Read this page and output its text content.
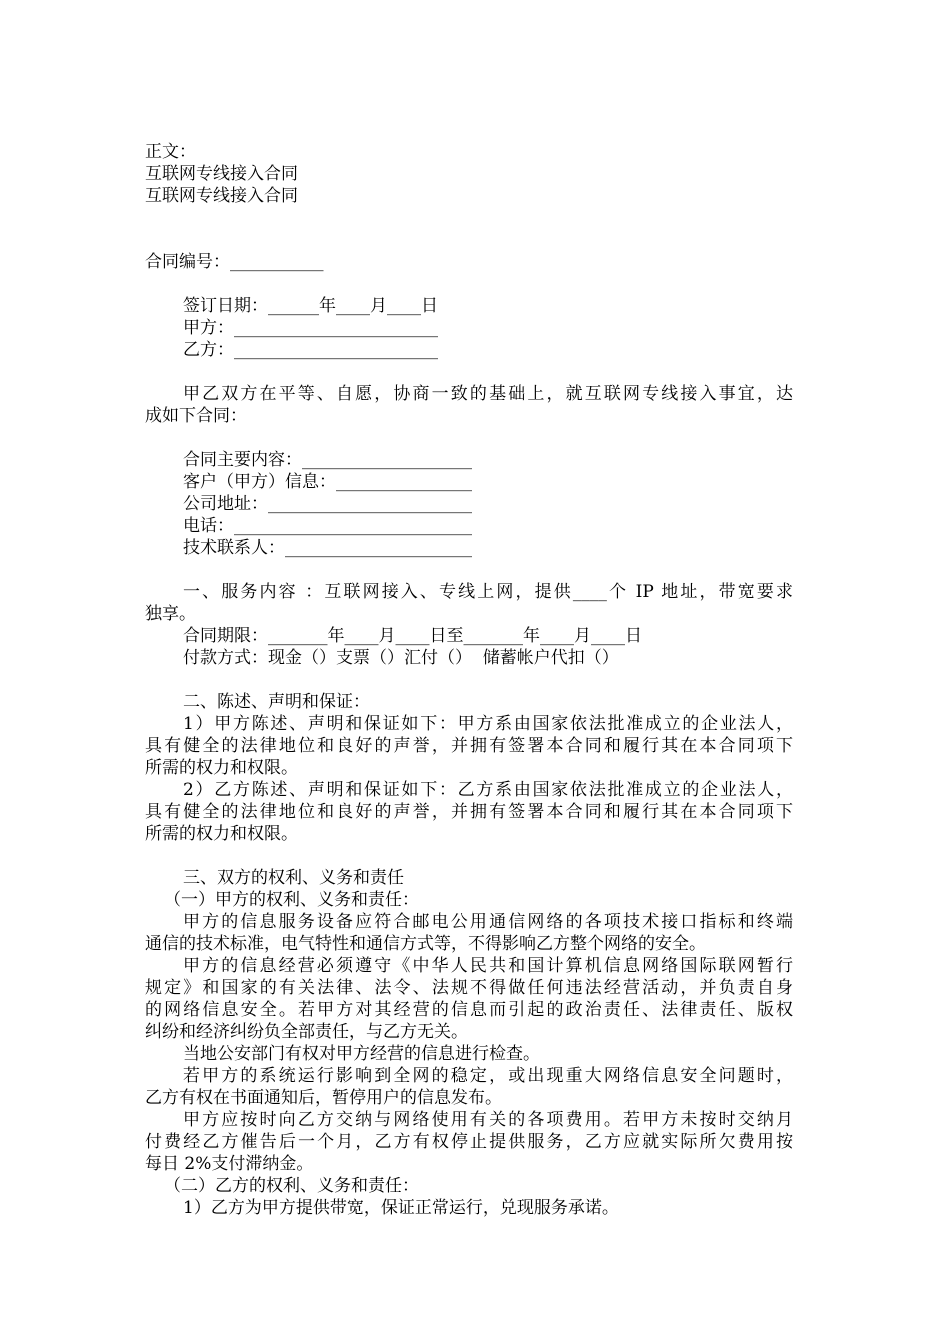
正文：
互联网专线接入合同
互联网专线接入合同
合同编号：___________
签订日期：______年____月____日
甲方：________________________
乙方：________________________
甲乙双方在平等、自愿，协商一致的基础上，就互联网专线接入事宜，达
成如下合同：
合同主要内容：____________________
客户（甲方）信息：________________
公司地址：________________________
电话：____________________________
技术联系人：______________________
一、服务内容 ：互联网接入、专线上网，提供____个 IP 地址，带宽要求
独享。
合同期限：_______年____月____日至_______年____月____日
付款方式：现金（）支票（）汇付（）  储蓄帐户代扣（）
二、陈述、声明和保证：
1）甲方陈述、声明和保证如下：甲方系由国家依法批准成立的企业法人，
具有健全的法律地位和良好的声誉，并拥有签署本合同和履行其在本合同项下
所需的权力和权限。
2）乙方陈述、声明和保证如下：乙方系由国家依法批准成立的企业法人，
具有健全的法律地位和良好的声誉，并拥有签署本合同和履行其在本合同项下
所需的权力和权限。
三、双方的权利、义务和责任
（一）甲方的权利、义务和责任：
甲方的信息服务设备应符合邮电公用通信网络的各项技术接口指标和终端
通信的技术标准，电气特性和通信方式等，不得影响乙方整个网络的安全。
甲方的信息经营必须遵守《中华人民共和国计算机信息网络国际联网暂行
规定》和国家的有关法律、法令、法规不得做任何违法经营活动，并负责自身
的网络信息安全。若甲方对其经营的信息而引起的政治责任、法律责任、版权
纠纷和经济纠纷负全部责任，与乙方无关。
当地公安部门有权对甲方经营的信息进行检查。
若甲方的系统运行影响到全网的稳定，或出现重大网络信息安全问题时，
乙方有权在书面通知后，暂停用户的信息发布。
甲方应按时向乙方交纳与网络使用有关的各项费用。若甲方未按时交纳月
付费经乙方催告后一个月，乙方有权停止提供服务，乙方应就实际所欠费用按
每日 2%支付滞纳金。
（二）乙方的权利、义务和责任：
1）乙方为甲方提供带宽，保证正常运行，兑现服务承诺。
